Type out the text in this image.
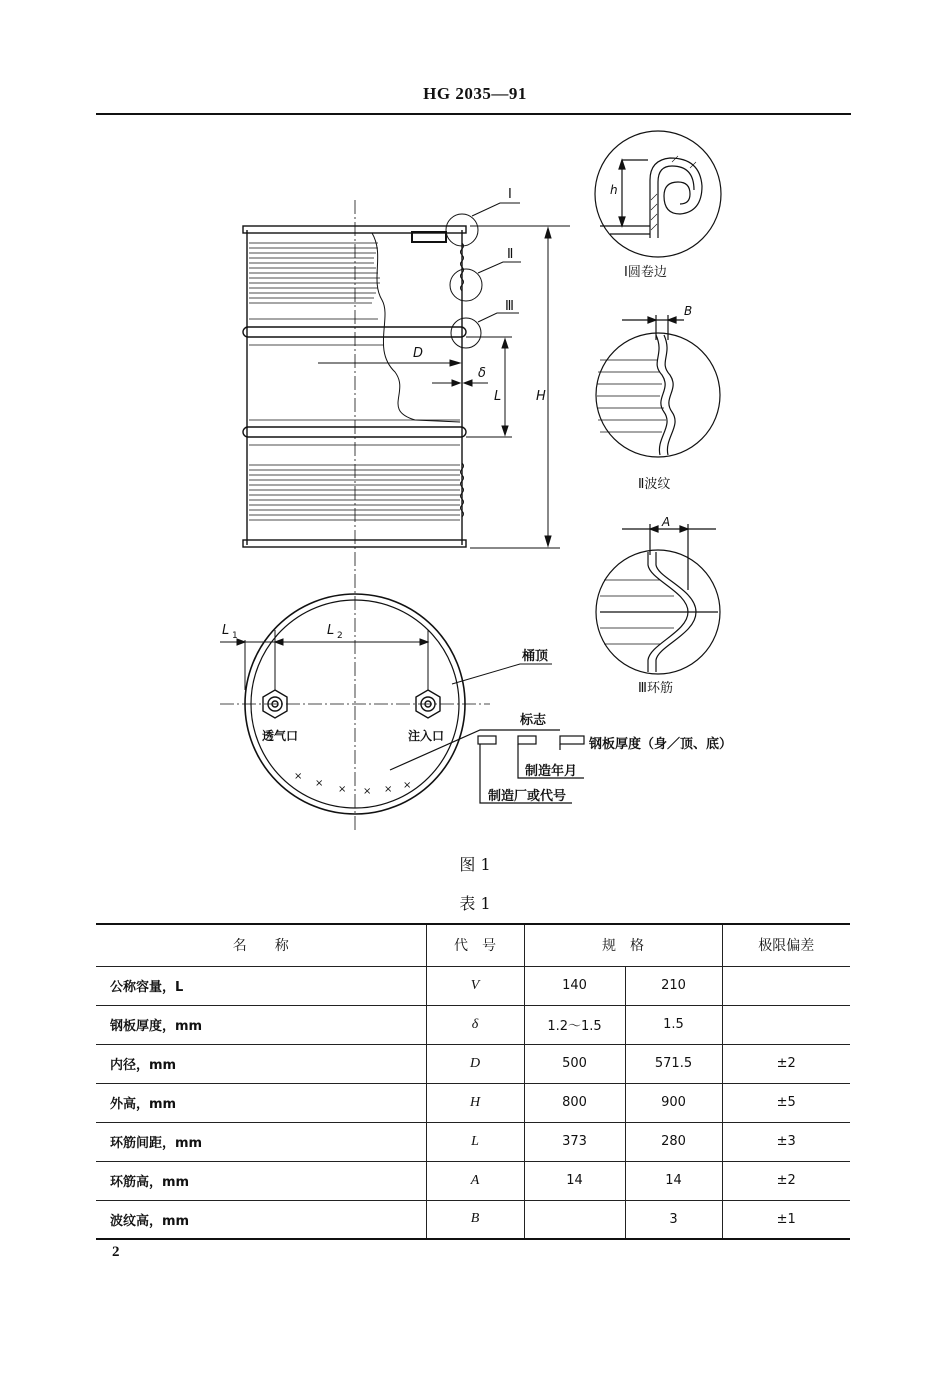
HG 2035—91
Ⅰ
Ⅱ
Ⅲ
H
L
D
δ
h
Ⅰ圆卷边
B
Ⅱ波纹
A
Ⅲ环筋
L 1	L 2
透气口	注入口
桶顶
×
×
× × × ×
标志
钢板厚度（身／顶、底）
制造年月
制造厂或代号
图 1
表 1
名　　称	代　号	规　格		极限偏差
公称容量，L	V	140	210	
钢板厚度，mm	δ	1.2～1.5	1.5	
内径，mm	D	500	571.5	±2
外高，mm	H	800	900	±5
环筋间距，mm	L	373	280	±3
环筋高，mm	A	14	14	±2
波纹高，mm	B		3	±1
2
